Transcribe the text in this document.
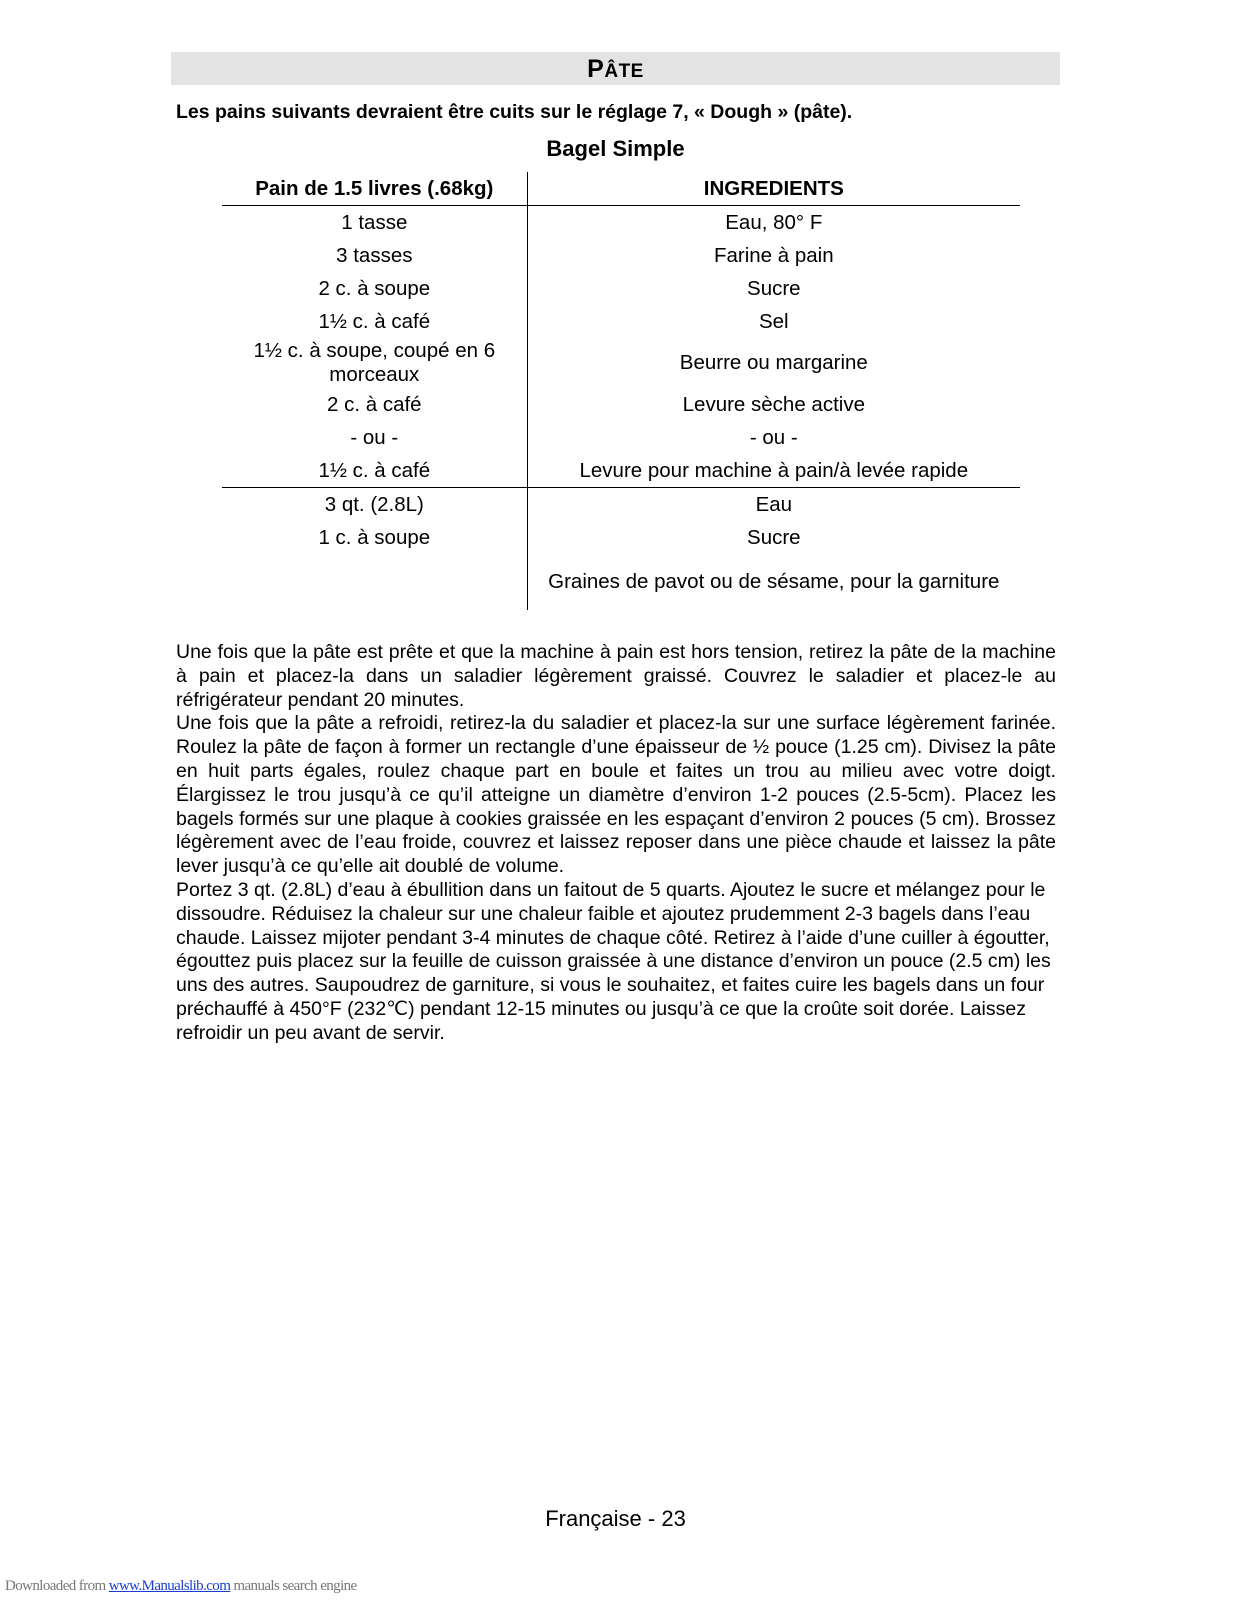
PÂTE
Les pains suivants devraient être cuits sur le réglage 7, « Dough » (pâte).
Bagel Simple
Pain de 1.5 livres (.68kg)	INGREDIENTS
1 tasse	Eau, 80° F
3 tasses	Farine à pain
2 c. à soupe	Sucre
1½ c. à café	Sel
1½ c. à soupe, coupé en 6 morceaux	Beurre ou margarine
2 c. à café	Levure sèche active
- ou -	- ou -
1½ c. à café	Levure pour machine à pain/à levée rapide
3 qt. (2.8L)	Eau
1 c. à soupe	Sucre
	Graines de pavot ou de sésame, pour la garniture

Une fois que la pâte est prête et que la machine à pain est hors tension, retirez la pâte de la machine à pain et placez-la dans un saladier légèrement graissé. Couvrez le saladier et placez-le au réfrigérateur pendant 20 minutes.

Une fois que la pâte a refroidi, retirez-la du saladier et placez-la sur une surface légèrement farinée. Roulez la pâte de façon à former un rectangle d’une épaisseur de ½ pouce (1.25 cm). Divisez la pâte en huit parts égales, roulez chaque part en boule et faites un trou au milieu avec votre doigt. Élargissez le trou jusqu’à ce qu’il atteigne un diamètre d’environ 1-2 pouces (2.5-5cm). Placez les bagels formés sur une plaque à cookies graissée en les espaçant d’environ 2 pouces (5 cm). Brossez légèrement avec de l’eau froide, couvrez et laissez reposer dans une pièce chaude et laissez la pâte lever jusqu’à ce qu’elle ait doublé de volume.

Portez 3 qt. (2.8L) d’eau à ébullition dans un faitout de 5 quarts. Ajoutez le sucre et mélangez pour le dissoudre. Réduisez la chaleur sur une chaleur faible et ajoutez prudemment 2-3 bagels dans l’eau chaude. Laissez mijoter pendant 3-4 minutes de chaque côté. Retirez à l’aide d’une cuiller à égoutter, égouttez puis placez sur la feuille de cuisson graissée à une distance d’environ un pouce (2.5 cm) les uns des autres. Saupoudrez de garniture, si vous le souhaitez, et faites cuire les bagels dans un four préchauffé à 450°F (232℃) pendant 12-15 minutes ou jusqu’à ce que la croûte soit dorée. Laissez refroidir un peu avant de servir.

Française - 23
Downloaded from www.Manualslib.com manuals search engine
